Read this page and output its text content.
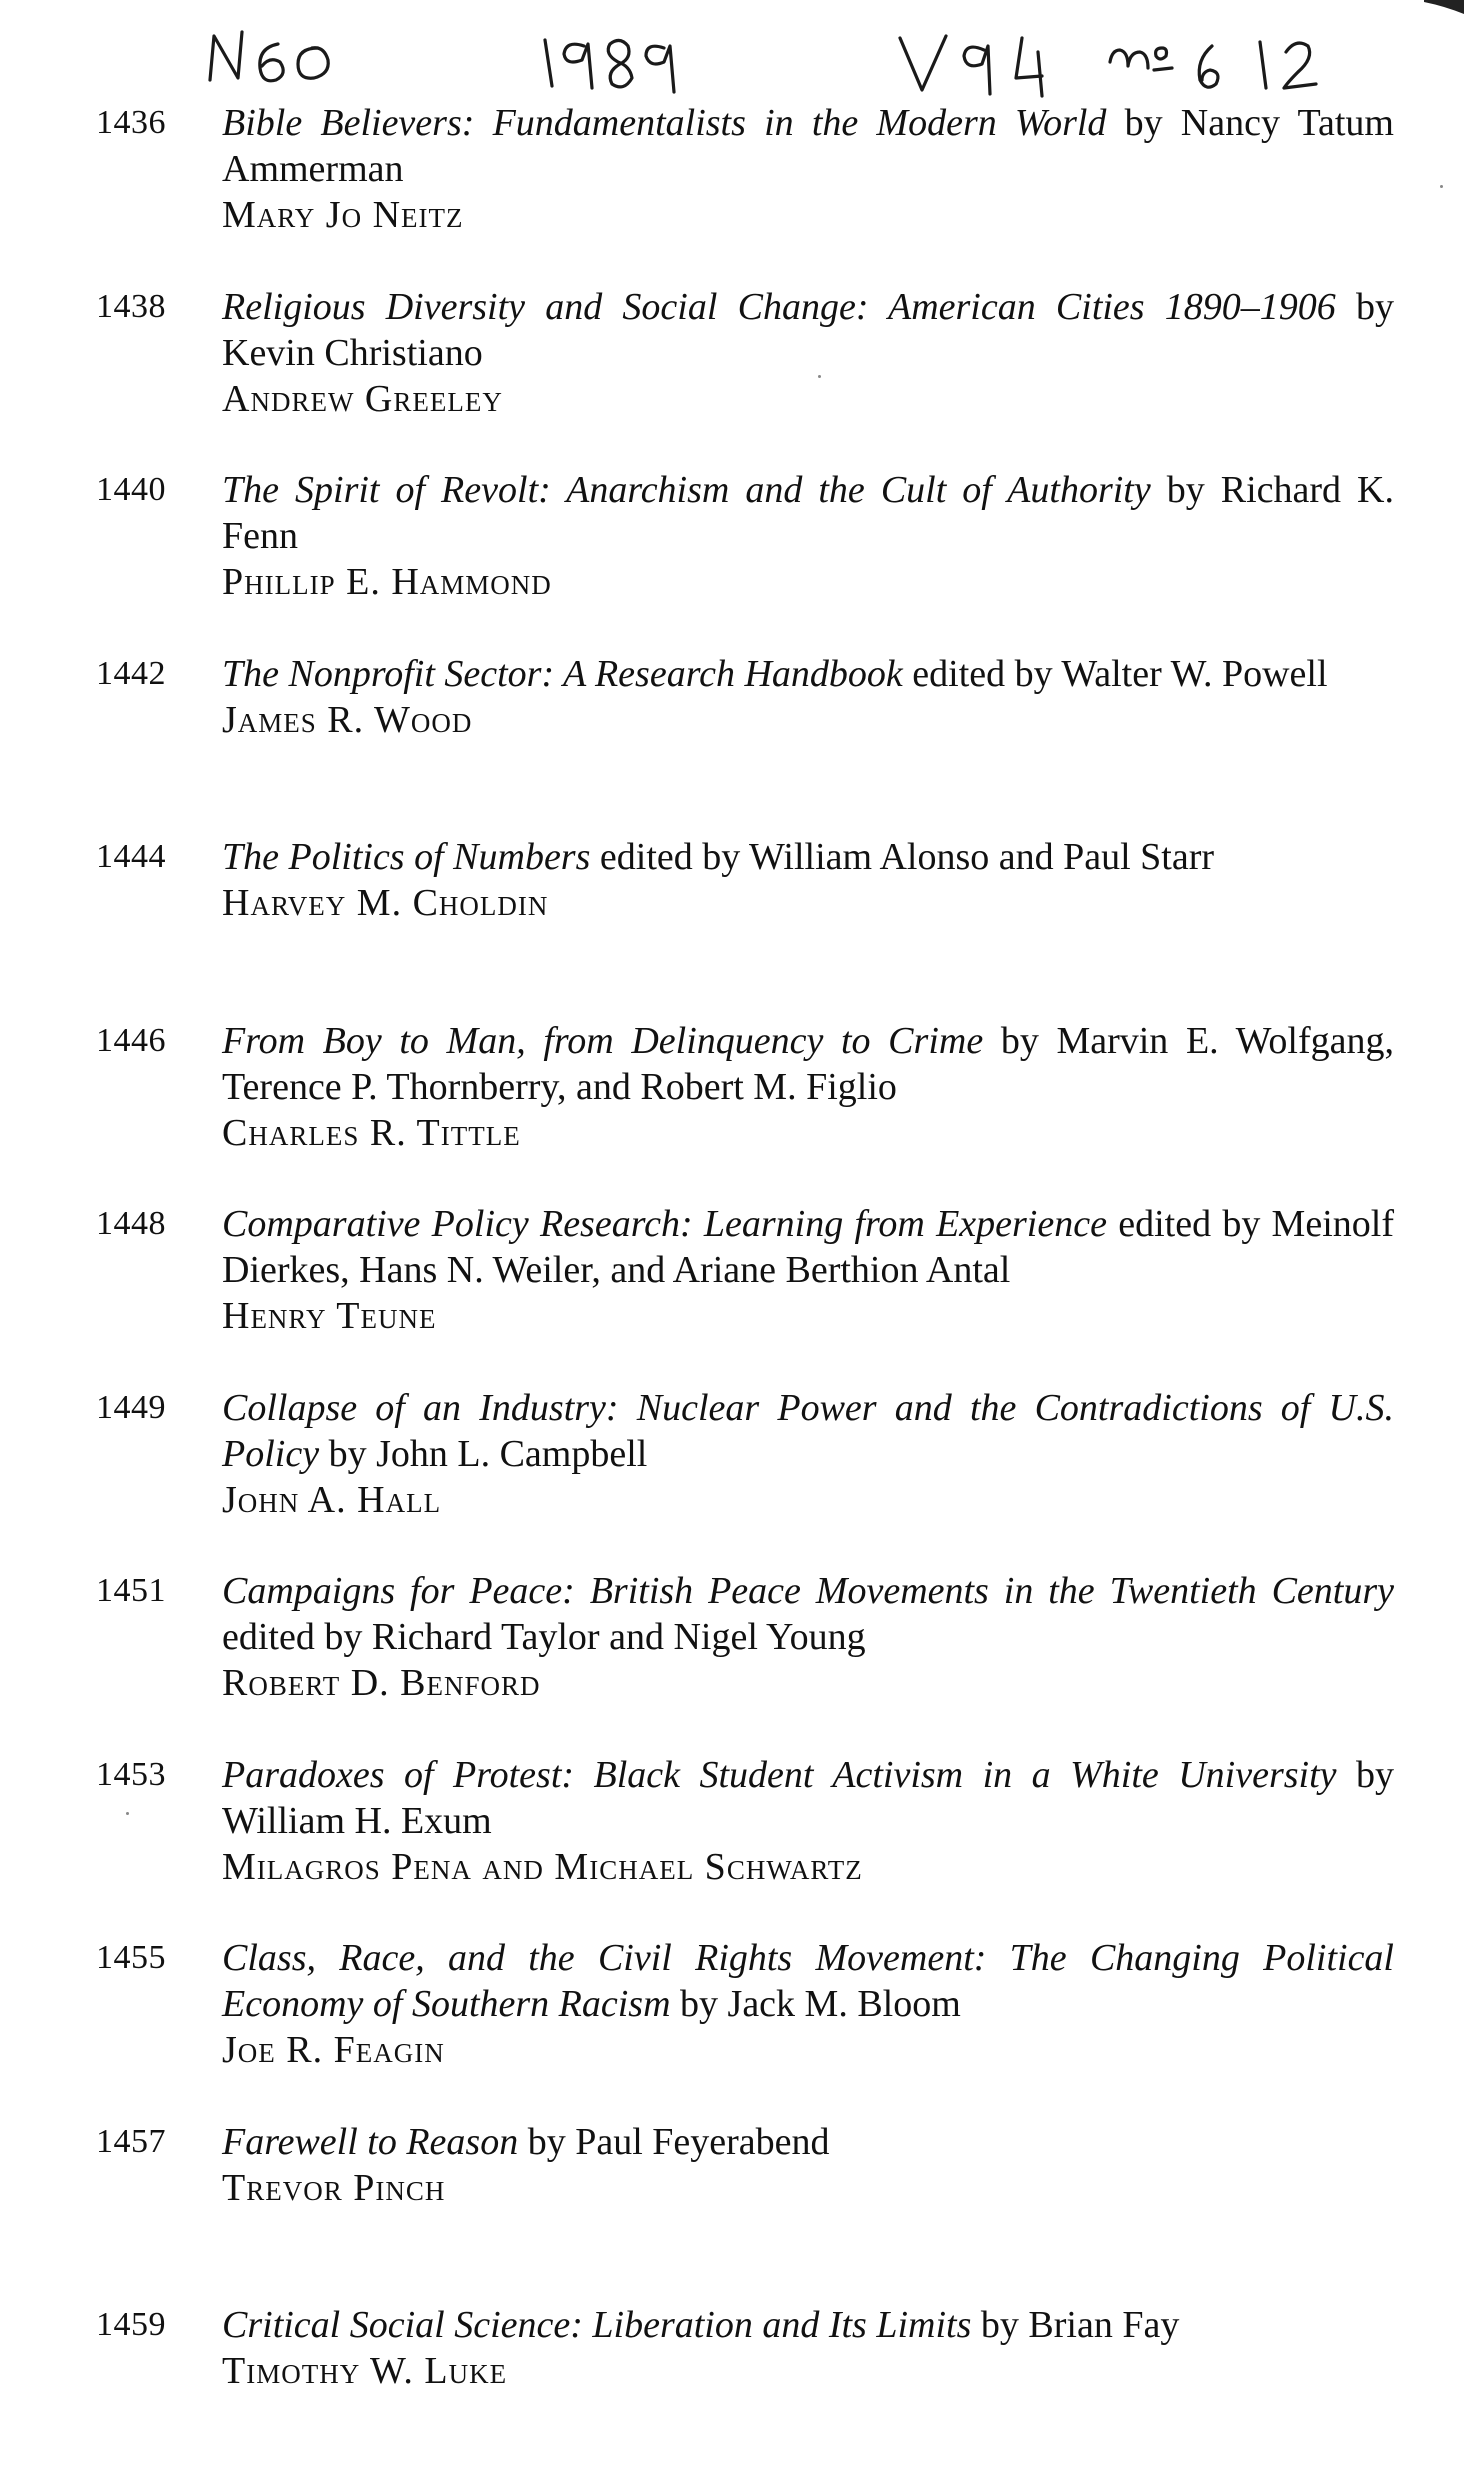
1436	Bible Believers: Fundamentalists in the Modern World by Nancy Tatum Ammerman
Mary Jo Neitz
1438	Religious Diversity and Social Change: American Cities 1890–1906 by Kevin Christiano
Andrew Greeley
1440	The Spirit of Revolt: Anarchism and the Cult of Authority by Richard K. Fenn
Phillip E. Hammond
1442	The Nonprofit Sector: A Research Handbook edited by Walter W. Powell
James R. Wood
1444	The Politics of Numbers edited by William Alonso and Paul Starr
Harvey M. Choldin
1446	From Boy to Man, from Delinquency to Crime by Marvin E. Wolfgang, Terence P. Thornberry, and Robert M. Figlio
Charles R. Tittle
1448	Comparative Policy Research: Learning from Experience edited by Meinolf Dierkes, Hans N. Weiler, and Ariane Berthion Antal
Henry Teune
1449	Collapse of an Industry: Nuclear Power and the Contradictions of U.S. Policy by John L. Campbell
John A. Hall
1451	Campaigns for Peace: British Peace Movements in the Twentieth Century edited by Richard Taylor and Nigel Young
Robert D. Benford
1453	Paradoxes of Protest: Black Student Activism in a White University by William H. Exum
Milagros Pena and Michael Schwartz
1455	Class, Race, and the Civil Rights Movement: The Changing Political Economy of Southern Racism by Jack M. Bloom
Joe R. Feagin
1457	Farewell to Reason by Paul Feyerabend
Trevor Pinch
1459	Critical Social Science: Liberation and Its Limits by Brian Fay
Timothy W. Luke
